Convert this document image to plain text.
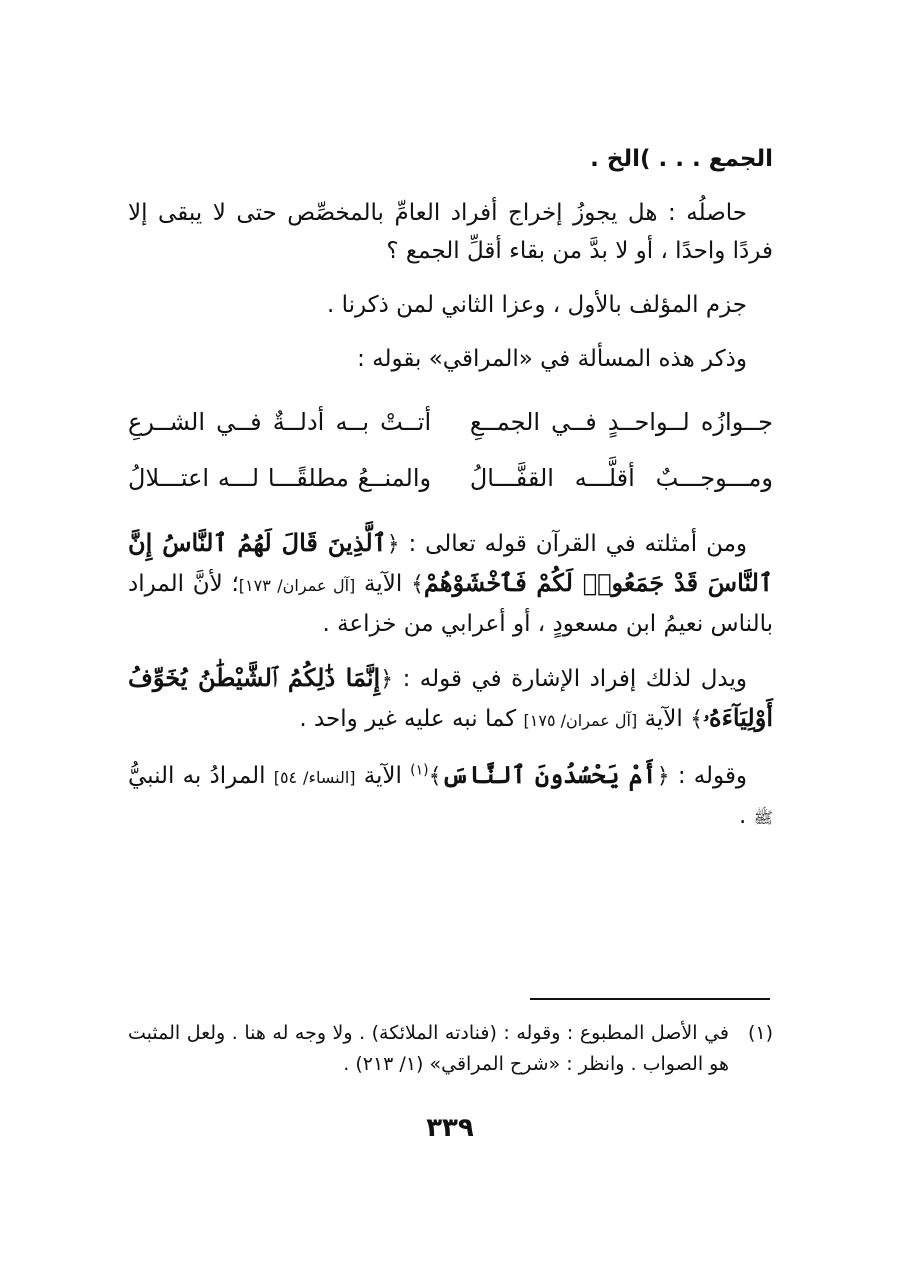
الجمع . . . )الخ .

حاصلُه : هل يجوزُ إخراج أفراد العامِّ بالمخصِّص حتى لا يبقى إلا فردًا واحدًا ، أو لا بدَّ من بقاء أقلِّ الجمع ؟

جزم المؤلف بالأول ، وعزا الثاني لمن ذكرنا .

وذكر هذه المسألة في «المراقي» بقوله :

جــوازُه لــواحــدٍ فــي الجمــعِ
أتــتْ بــه أدلــةٌ فــي الشــرعِ
ومـــوجـــبٌ أقلَّـــه القفَّـــالُ
والمنــعُ مطلقًـــا لـــه اعتـــلالُ

ومن أمثلته في القرآن قوله تعالى : ﴿ٱلَّذِينَ قَالَ لَهُمُ ٱلنَّاسُ إِنَّ ٱلنَّاسَ قَدْ جَمَعُوا۟ لَكُمْ فَٱخْشَوْهُمْ﴾ الآية [آل عمران/ ١٧٣]؛ لأنَّ المراد بالناس نعيمُ ابن مسعودٍ ، أو أعرابي من خزاعة .

ويدل لذلك إفراد الإشارة في قوله : ﴿إِنَّمَا ذَٰلِكُمُ ٱلشَّيْطَٰنُ يُخَوِّفُ أَوْلِيَآءَهُۥ﴾ الآية [آل عمران/ ١٧٥] كما نبه عليه غير واحد .

وقوله : ﴿أَمْ يَحْسُدُونَ ٱلنَّاسَ﴾$^{(١)}$ الآية [النساء/ ٥٤] المرادُ به النبيُّ ﷺ .

(١)
في الأصل المطبوع : وقوله : (فنادته الملائكة) . ولا وجه له هنا . ولعل المثبت هو الصواب . وانظر : «شرح المراقي» (١/ ٢١٣) .
٣٣٩
